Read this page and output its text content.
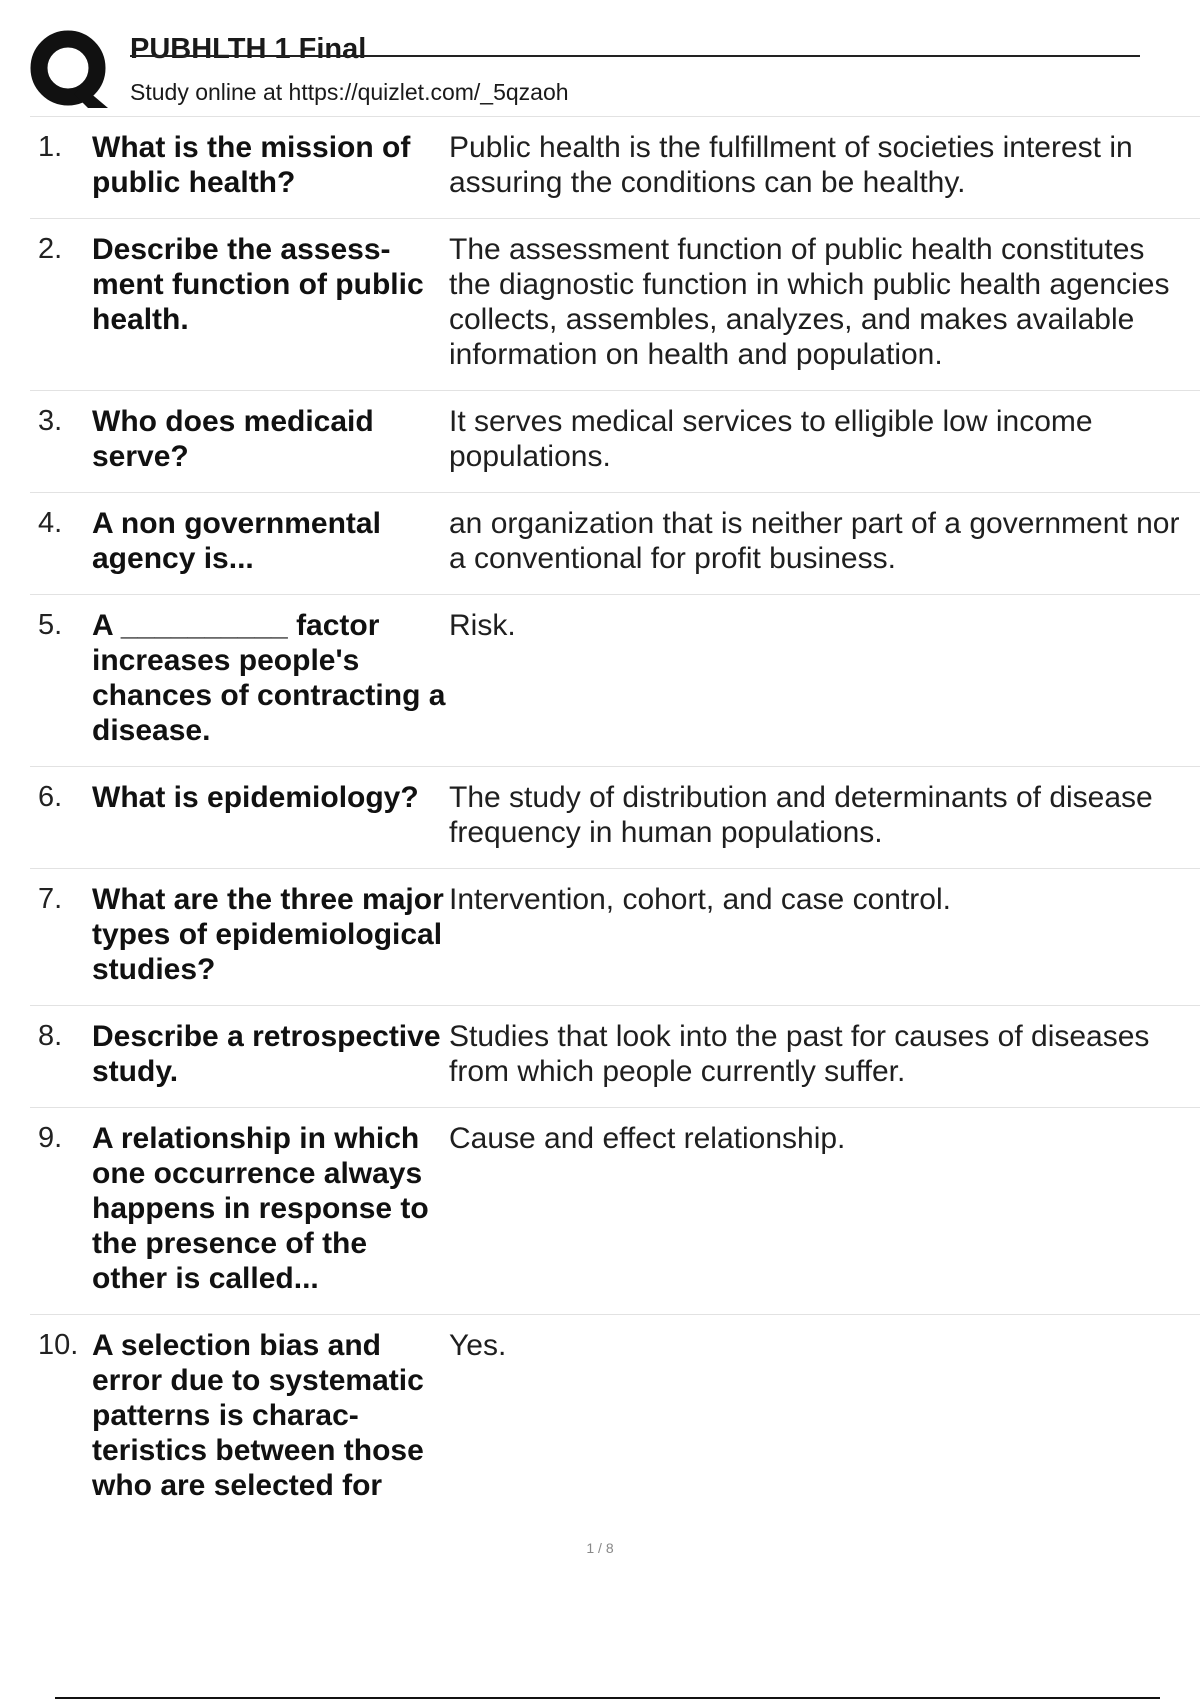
PUBHLTH 1 Final
Study online at https://quizlet.com/_5qzaoh
1. What is the mission of public health?
Public health is the fulfillment of societies interest in assuring the conditions can be healthy.
2. Describe the assessment function of public health.
The assessment function of public health constitutes the diagnostic function in which public health agencies collects, assembles, analyzes, and makes available information on health and population.
3. Who does medicaid serve?
It serves medical services to elligible low income populations.
4. A non governmental agency is...
an organization that is neither part of a government nor a conventional for profit business.
5. A __________ factor increases people's chances of contracting a disease.
Risk.
6. What is epidemiology?	The study of distribution and determinants of disease frequency in human populations.
7. What are the three major types of epidemiological studies?
Intervention, cohort, and case control.
8. Describe a retrospective study.
Studies that look into the past for causes of diseases from which people currently suffer.
9. A relationship in which one occurrence always happens in response to the presence of the other is called...
Cause and effect relationship.
10. A selection bias and error due to systematic patterns is characteristics between those who are selected for
Yes.
1 / 8
